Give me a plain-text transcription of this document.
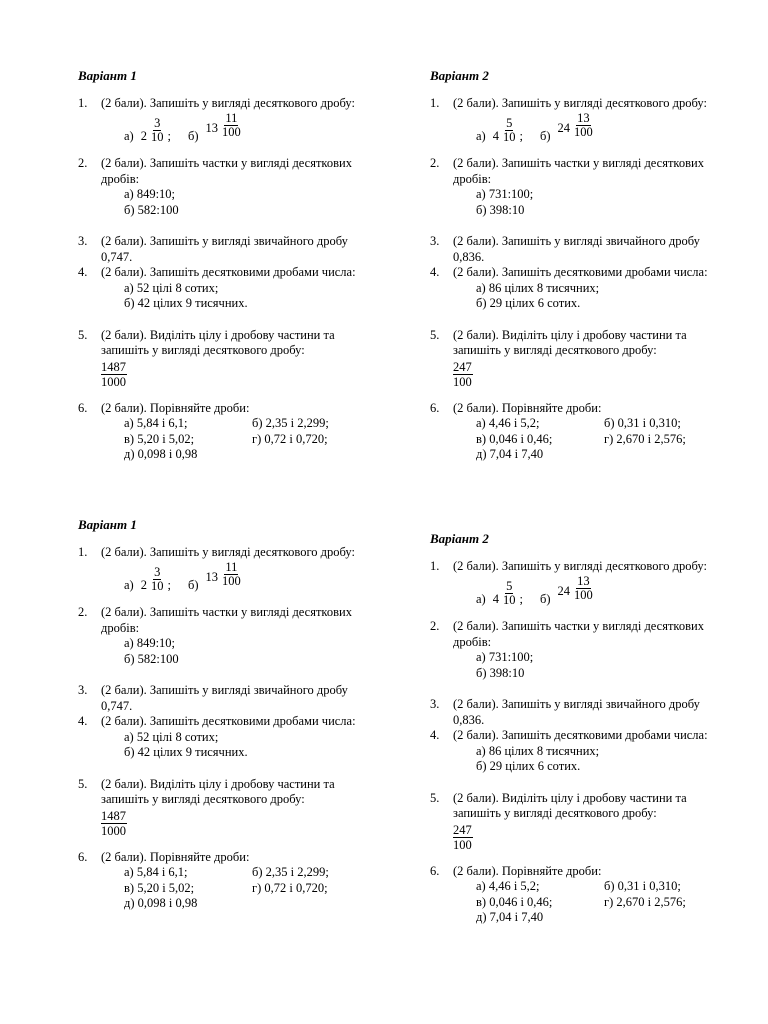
Варіант 1
1. (2 бали). Запишіть у вигляді десяткового дробу:
а) $2 \frac{3}{10}$ ; б)
$13 \frac{11}{100}$
2. (2 бали). Запишіть частки у вигляді десяткових дробів:
а) 849:10;
б) 582:100
3. (2 бали). Запишіть у вигляді звичайного дробу 0,747.
4. (2 бали). Запишіть десятковими дробами числа:
а) 52 цілі 8 сотих;
б) 42 цілих 9 тисячних.
5. (2 бали). Виділіть цілу і дробову частини та запишіть у вигляді десяткового дробу:
$\frac{1487}{1000}$
6. (2 бали). Порівняйте дроби:
а) 5,84 і 6,1;	б) 2,35 і 2,299;
в) 5,20 і 5,02;	г) 0,72 і 0,720;
д) 0,098 і 0,98
Варіант 2
1. (2 бали). Запишіть у вигляді десяткового дробу:
а) $4 \frac{5}{10}$ ; б)
$24 \frac{13}{100}$
2. (2 бали). Запишіть частки у вигляді десяткових дробів:
а) 731:100;
б) 398:10
3. (2 бали). Запишіть у вигляді звичайного дробу 0,836.
4. (2 бали). Запишіть десятковими дробами числа:
а) 86 цілих 8 тисячних;
б) 29 цілих 6 сотих.
5. (2 бали). Виділіть цілу і дробову частини та запишіть у вигляді десяткового дробу:
$\frac{247}{100}$
6. (2 бали). Порівняйте дроби:
а) 4,46 і 5,2;	б) 0,31 і 0,310;
в) 0,046 і 0,46;	г) 2,670 і 2,576;
д) 7,04 і 7,40
Варіант 1
1. (2 бали). Запишіть у вигляді десяткового дробу:
а) $2 \frac{3}{10}$ ; б)
$13 \frac{11}{100}$
2. (2 бали). Запишіть частки у вигляді десяткових дробів:
а) 849:10;
б) 582:100
3. (2 бали). Запишіть у вигляді звичайного дробу 0,747.
4. (2 бали). Запишіть десятковими дробами числа:
а) 52 цілі 8 сотих;
б) 42 цілих 9 тисячних.
5. (2 бали). Виділіть цілу і дробову частини та запишіть у вигляді десяткового дробу:
$\frac{1487}{1000}$
6. (2 бали). Порівняйте дроби:
а) 5,84 і 6,1;	б) 2,35 і 2,299;
в) 5,20 і 5,02;	г) 0,72 і 0,720;
д) 0,098 і 0,98
Варіант 2
1. (2 бали). Запишіть у вигляді десяткового дробу:
а) $4 \frac{5}{10}$ ; б)
$24 \frac{13}{100}$
2. (2 бали). Запишіть частки у вигляді десяткових дробів:
а) 731:100;
б) 398:10
3. (2 бали). Запишіть у вигляді звичайного дробу 0,836.
4. (2 бали). Запишіть десятковими дробами числа:
а) 86 цілих 8 тисячних;
б) 29 цілих 6 сотих.
5. (2 бали). Виділіть цілу і дробову частини та запишіть у вигляді десяткового дробу:
$\frac{247}{100}$
6. (2 бали). Порівняйте дроби:
а) 4,46 і 5,2;	б) 0,31 і 0,310;
в) 0,046 і 0,46;	г) 2,670 і 2,576;
д) 7,04 і 7,40
